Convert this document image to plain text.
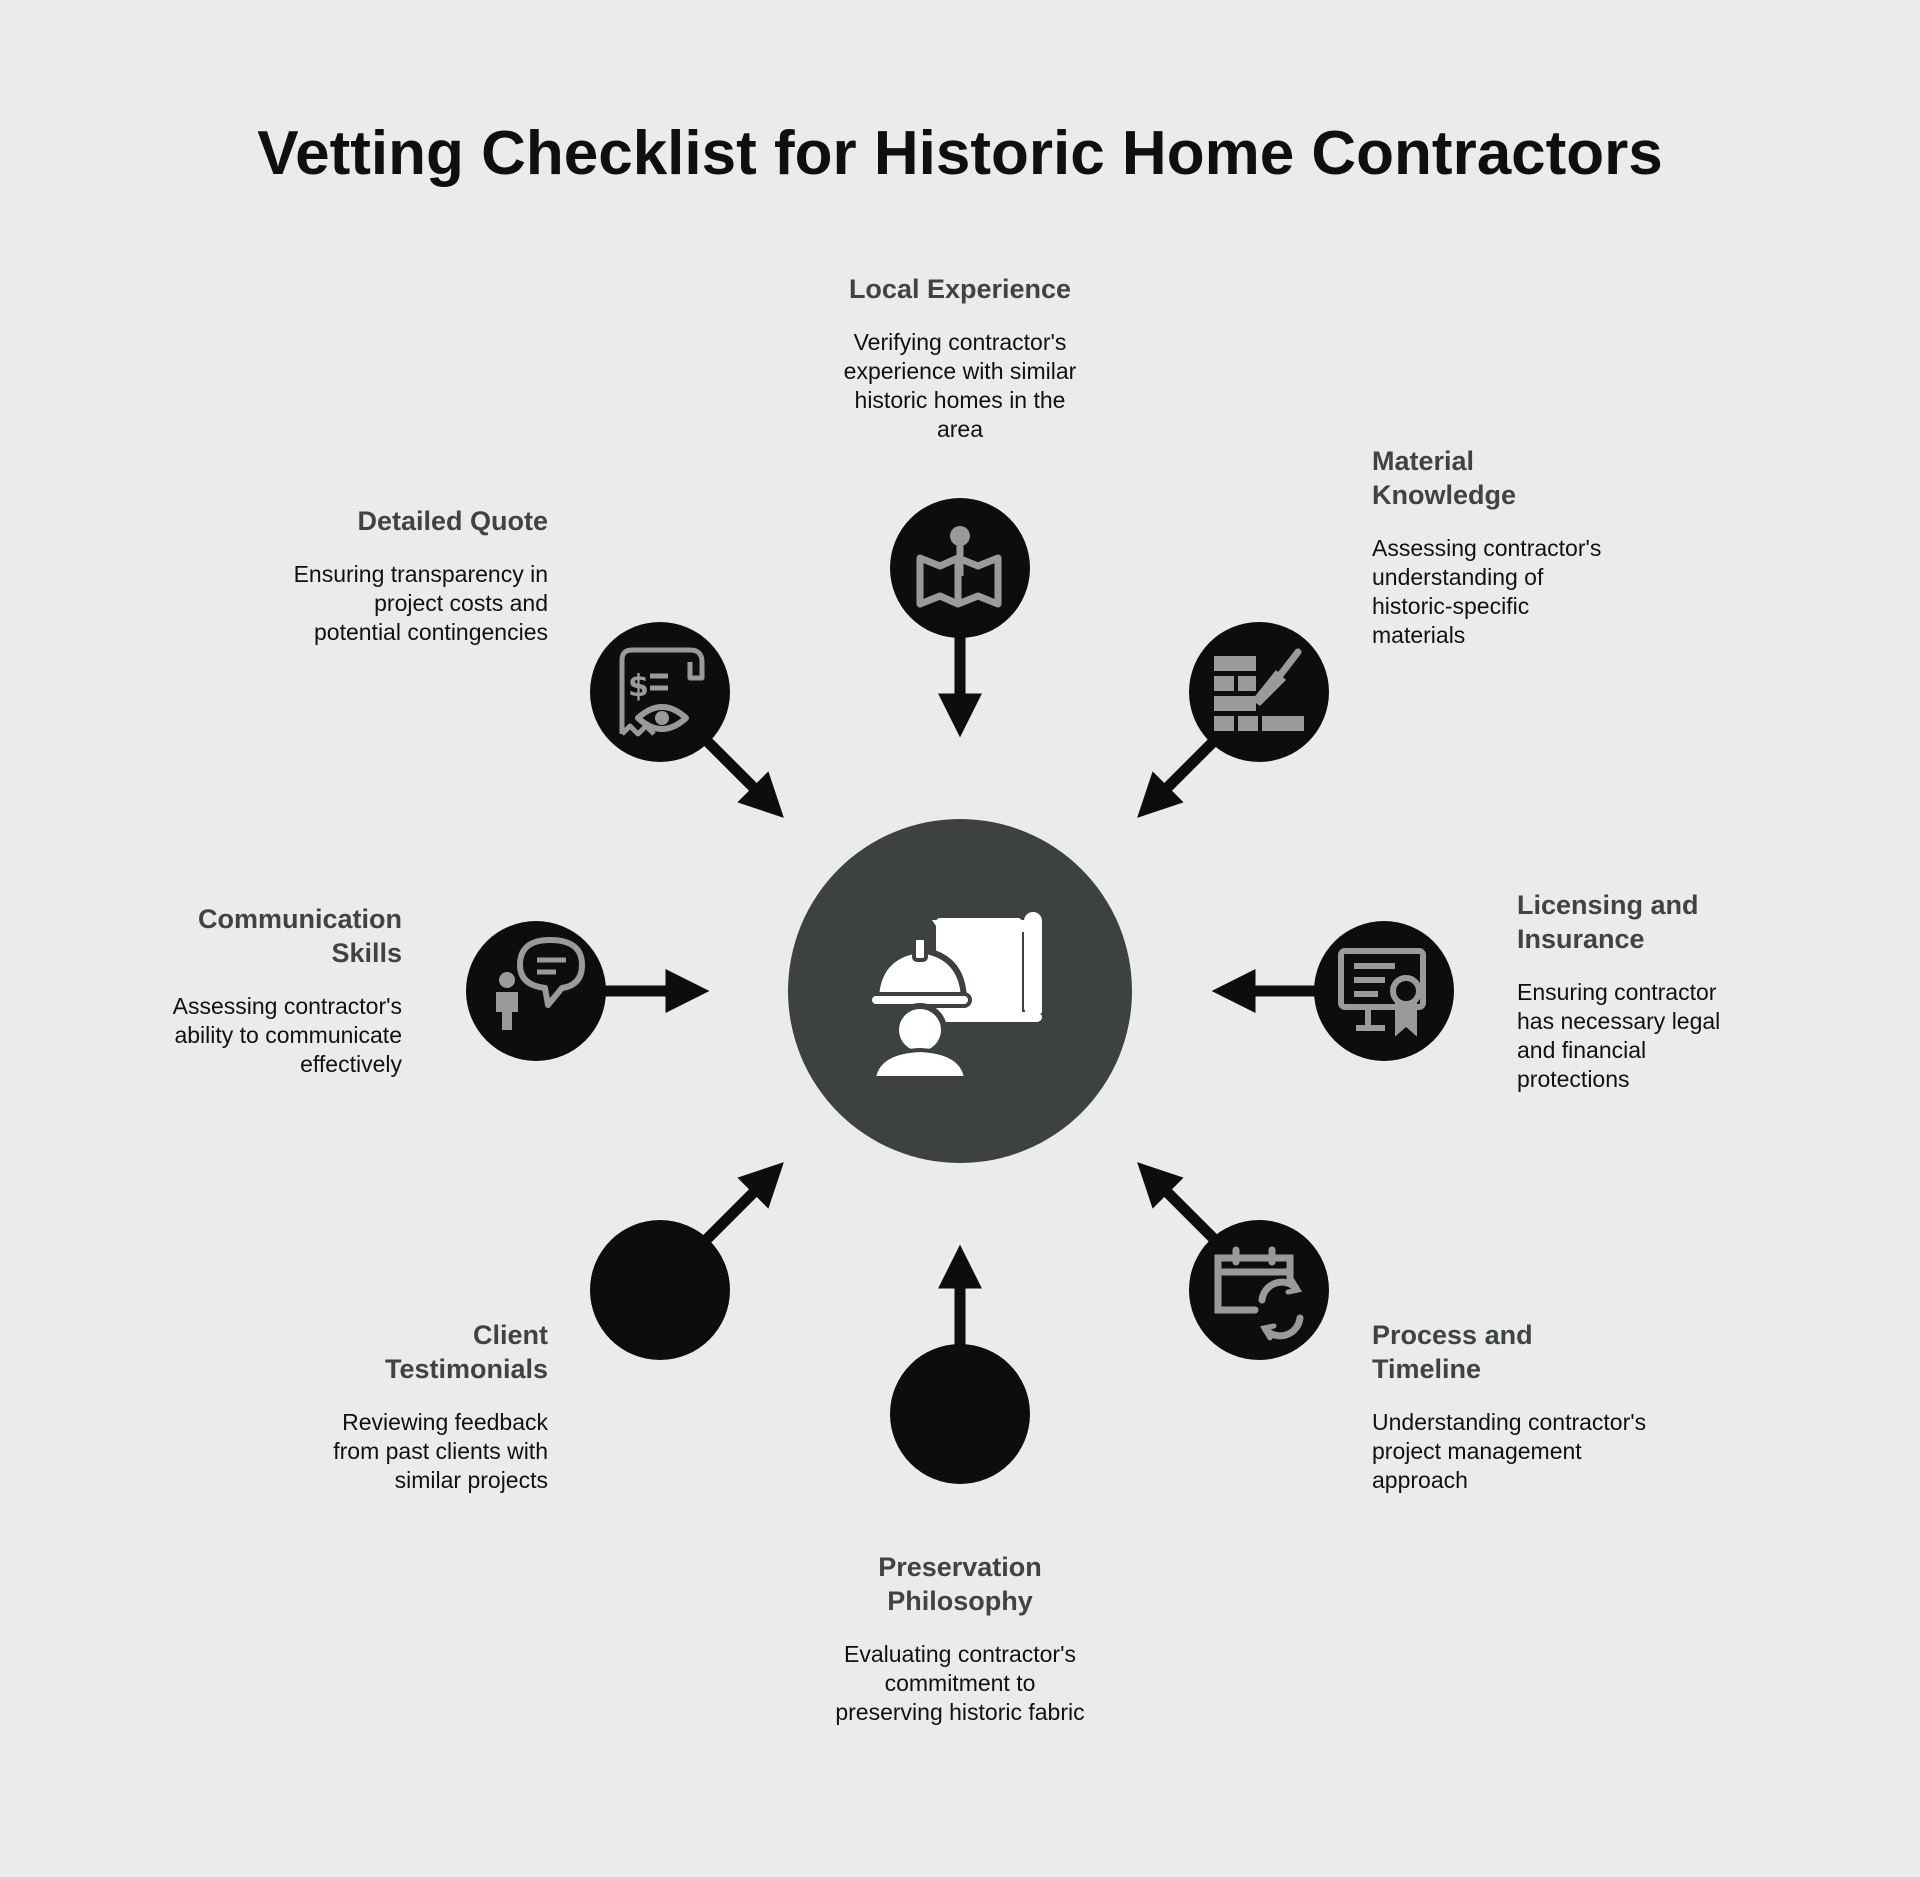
Vetting Checklist for Historic Home Contractors
$
Local Experience

Verifying contractor's experience with similar historic homes in the area

Material Knowledge

Assessing contractor's understanding of historic-specific materials

Licensing and Insurance

Ensuring contractor has necessary legal and financial protections

Process and Timeline

Understanding contractor's project management approach

Preservation Philosophy

Evaluating contractor's commitment to preserving historic fabric

Client Testimonials

Reviewing feedback from past clients with similar projects

Communication Skills

Assessing contractor's ability to communicate effectively

Detailed Quote

Ensuring transparency in project costs and potential contingencies
